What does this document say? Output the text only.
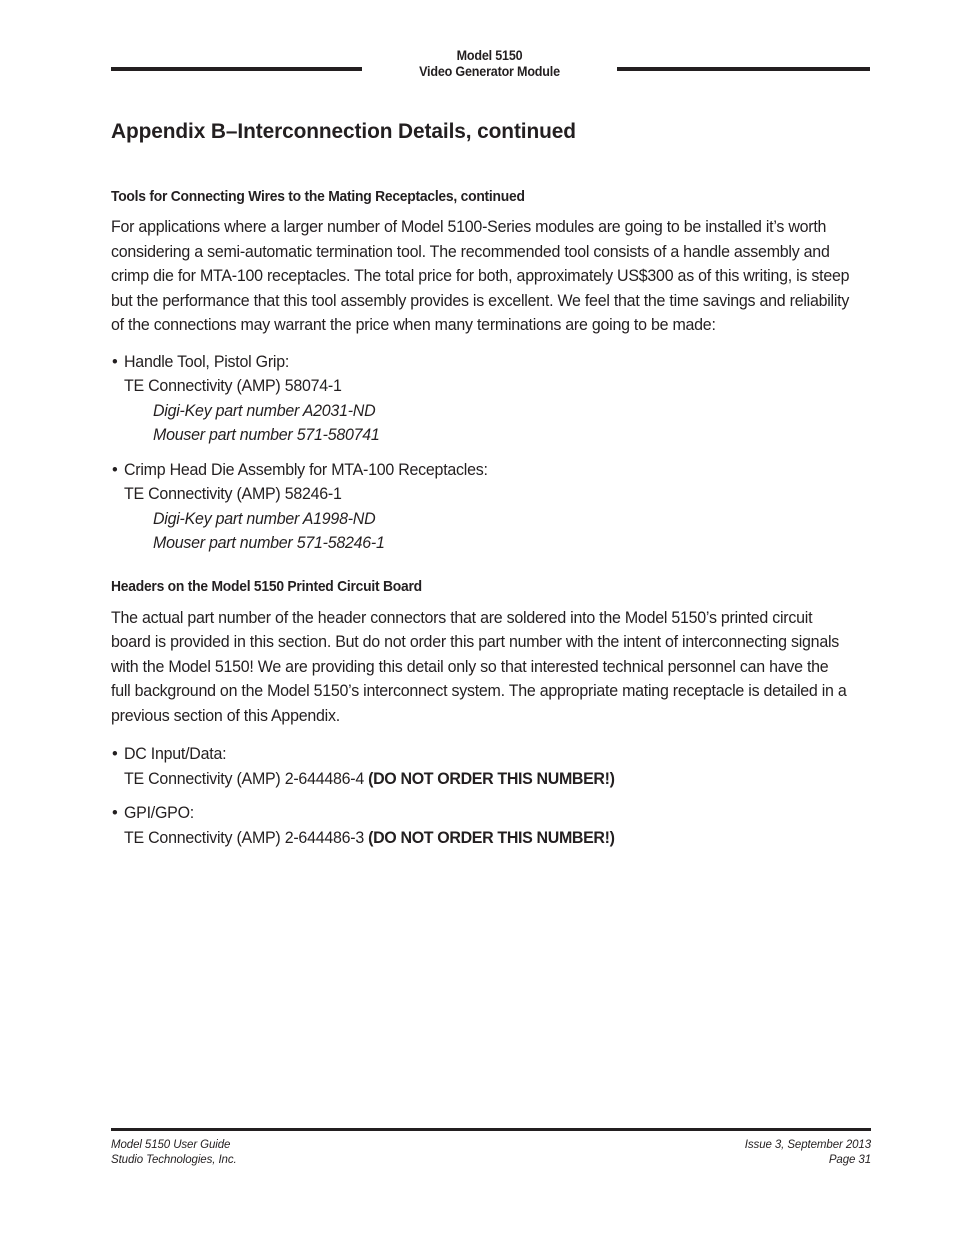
Model 5150
Video Generator Module
Appendix B–Interconnection Details, continued
Tools for Connecting Wires to the Mating Receptacles, continued

For applications where a larger number of Model 5100-Series modules are going to be installed it’s worth considering a semi-automatic termination tool. The recommended tool consists of a handle assembly and crimp die for MTA-100 receptacles. The total price for both, approximately US$300 as of this writing, is steep but the performance that this tool assembly provides is excellent. We feel that the time savings and reliability of the connections may warrant the price when many terminations are going to be made:

• Handle Tool, Pistol Grip:
TE Connectivity (AMP) 58074-1
Digi-Key part number A2031-ND
Mouser part number 571-580741
• Crimp Head Die Assembly for MTA-100 Receptacles:
TE Connectivity (AMP) 58246-1
Digi-Key part number A1998-ND
Mouser part number 571-58246-1
Headers on the Model 5150 Printed Circuit Board

The actual part number of the header connectors that are soldered into the Model 5150’s printed circuit board is provided in this section. But do not order this part number with the intent of interconnecting signals with the Model 5150! We are providing this detail only so that interested technical personnel can have the full background on the Model 5150’s interconnect system. The appropriate mating receptacle is detailed in a previous section of this Appendix.

• DC Input/Data:
TE Connectivity (AMP) 2-644486-4 (DO NOT ORDER THIS NUMBER!)
• GPI/GPO:
TE Connectivity (AMP) 2-644486-3 (DO NOT ORDER THIS NUMBER!)
Model 5150 User Guide
Studio Technologies, Inc.
Issue 3, September 2013
Page 31
